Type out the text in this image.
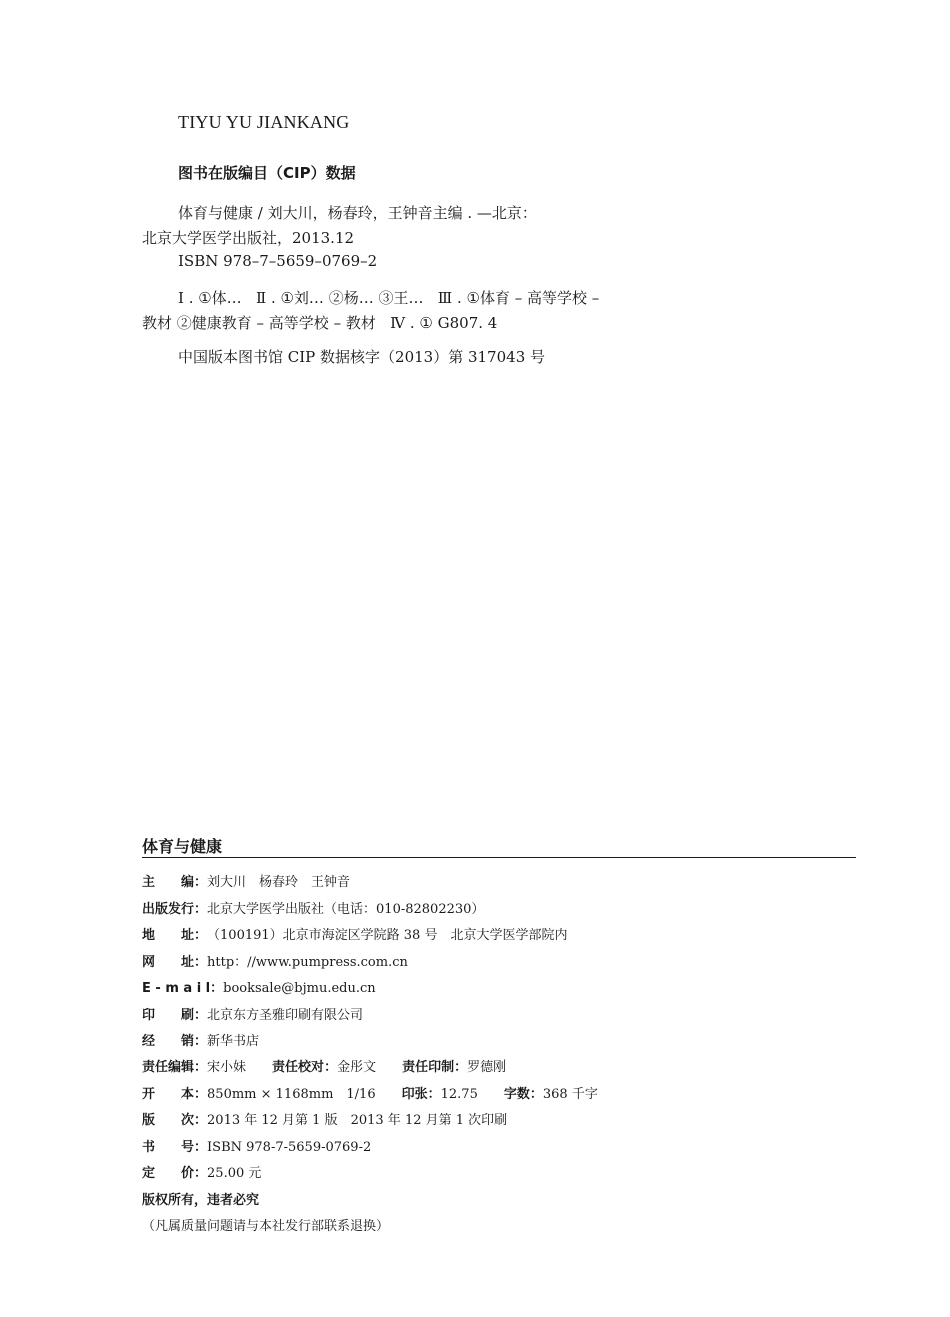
TIYU YU JIANKANG
图书在版编目（CIP）数据
体育与健康 / 刘大川，杨春玲，王钟音主编 . —北京：
北京大学医学出版社，2013.12
ISBN 978–7–5659–0769–2
Ⅰ . ①体…   Ⅱ . ①刘… ②杨… ③王…   Ⅲ . ①体育 – 高等学校 –
教材 ②健康教育 – 高等学校 – 教材   Ⅳ . ① G807. 4
中国版本图书馆 CIP 数据核字（2013）第 317043 号
体育与健康
主　　编 ： 刘大川　杨春玲　王钟音
出版发行 ： 北京大学医学出版社（电话：010-82802230）
地　　址 ： （100191）北京市海淀区学院路 38 号　北京大学医学部院内
网　　址 ： http：//www.pumpress.com.cn
E - m a i l ： booksale@bjmu.edu.cn
印　　刷 ： 北京东方圣雅印刷有限公司
经　　销 ： 新华书店
责任编辑 ： 宋小妹 责任校对 ： 金彤文 责任印制 ： 罗德刚
开　　本 ： 850mm × 1168mm　1/16 印张 ： 12.75 字数 ： 368 千字
版　　次 ： 2013 年 12 月第 1 版　2013 年 12 月第 1 次印刷
书　　号 ： ISBN 978-7-5659-0769-2
定　　价 ： 25.00 元
版权所有，违者必究
（凡属质量问题请与本社发行部联系退换）
